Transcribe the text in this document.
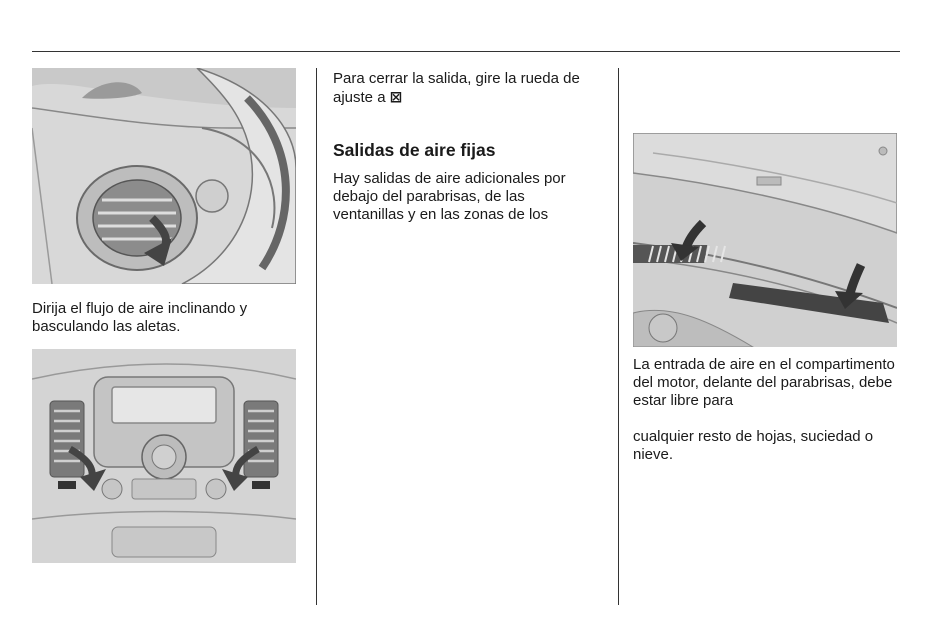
Dirija el flujo de aire inclinando y basculando las aletas.

Para cerrar la salida, gire la rueda de ajuste a ⊠

Salidas de aire fijas

Hay salidas de aire adicionales por debajo del parabrisas, de las ventanillas y en las zonas de los

La entrada de aire en el compartimento del motor, delante del parabrisas, debe estar libre para

cualquier resto de hojas, suciedad o nieve.
